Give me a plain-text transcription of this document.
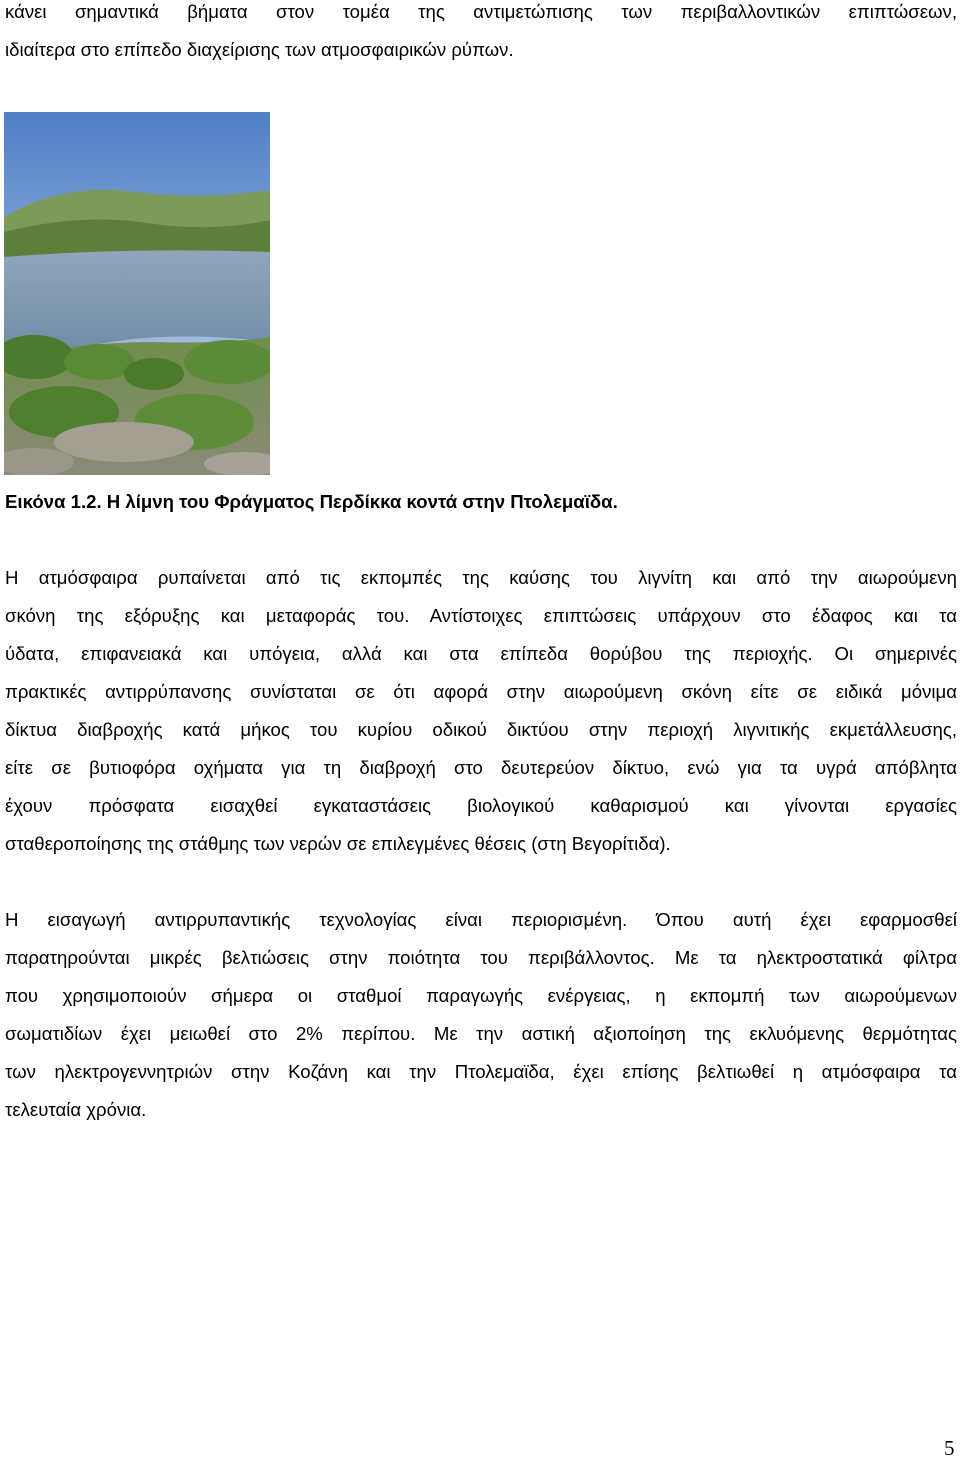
κάνει σημαντικά βήματα στον τομέα της αντιμετώπισης των περιβαλλοντικών επιπτώσεων,
ιδιαίτερα στο επίπεδο διαχείρισης των ατμοσφαιρικών ρύπων.
Εικόνα 1.2. Η λίμνη του Φράγματος Περδίκκα κοντά στην Πτολεμαϊδα.
Η ατμόσφαιρα ρυπαίνεται από τις εκπομπές της καύσης του λιγνίτη και από την αιωρούμενη
σκόνη της εξόρυξης και μεταφοράς του. Αντίστοιχες επιπτώσεις υπάρχουν στο έδαφος και τα
ύδατα, επιφανειακά και υπόγεια, αλλά και στα επίπεδα θορύβου της περιοχής. Οι σημερινές
πρακτικές αντιρρύπανσης συνίσταται σε ότι αφορά στην αιωρούμενη σκόνη είτε σε ειδικά μόνιμα
δίκτυα διαβροχής κατά μήκος του κυρίου οδικού δικτύου στην περιοχή λιγνιτικής εκμετάλλευσης,
είτε σε βυτιοφόρα οχήματα για τη διαβροχή στο δευτερεύον δίκτυο, ενώ για τα υγρά απόβλητα
έχουν πρόσφατα εισαχθεί εγκαταστάσεις βιολογικού καθαρισμού και γίνονται εργασίες
σταθεροποίησης της στάθμης των νερών σε επιλεγμένες θέσεις (στη Βεγορίτιδα).
Η εισαγωγή αντιρρυπαντικής τεχνολογίας είναι περιορισμένη. Όπου αυτή έχει εφαρμοσθεί
παρατηρούνται μικρές βελτιώσεις στην ποιότητα του περιβάλλοντος. Με τα ηλεκτροστατικά φίλτρα
που χρησιμοποιούν σήμερα οι σταθμοί παραγωγής ενέργειας, η εκπομπή των αιωρούμενων
σωματιδίων έχει μειωθεί στο 2% περίπου. Με την αστική αξιοποίηση της εκλυόμενης θερμότητας
των ηλεκτρογεννητριών στην Κοζάνη και την Πτολεμαϊδα, έχει επίσης βελτιωθεί η ατμόσφαιρα τα
τελευταία χρόνια.
5
